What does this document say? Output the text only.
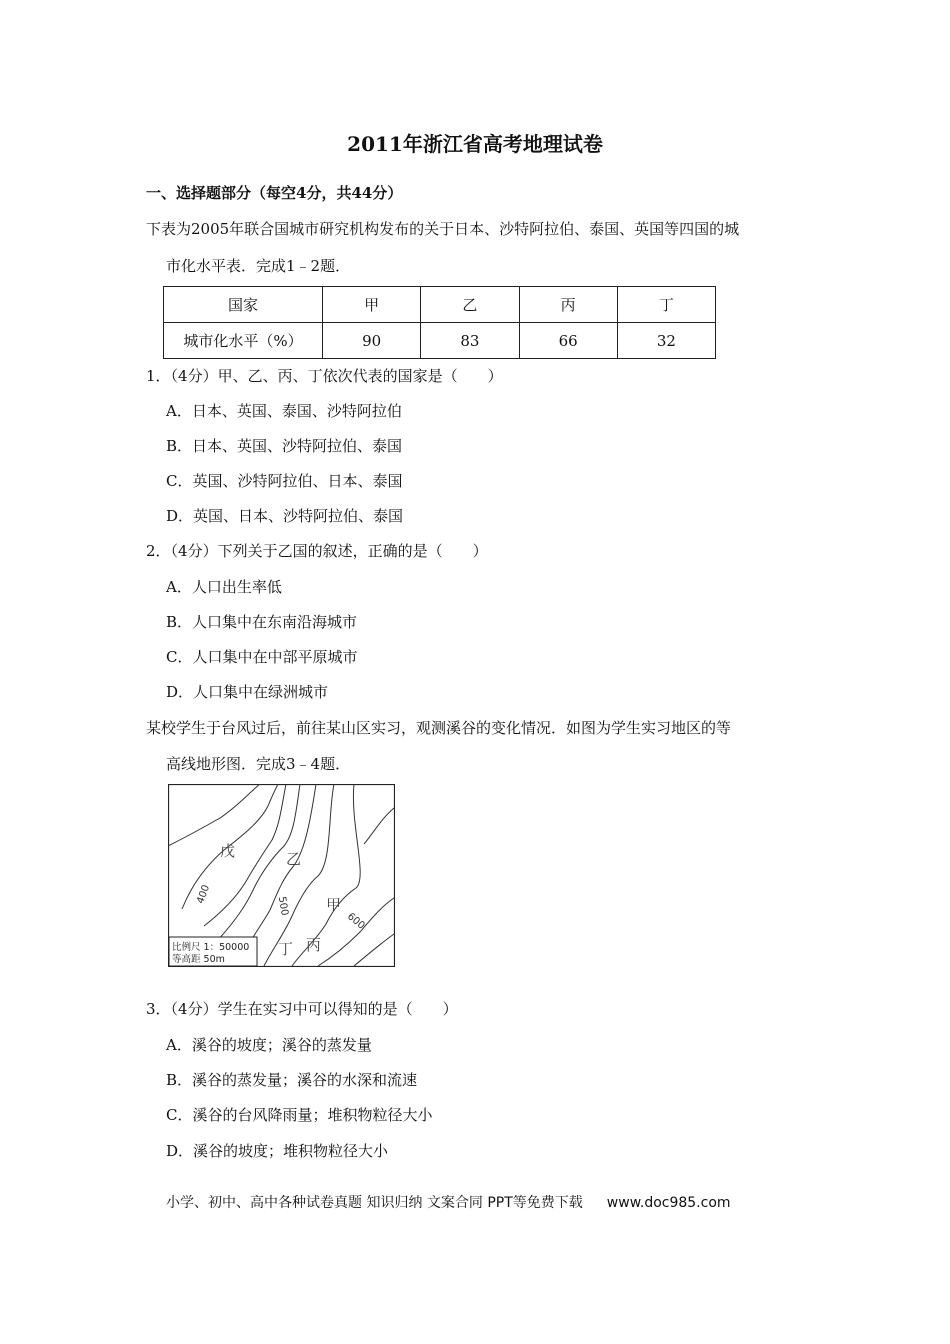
2011年浙江省高考地理试卷
一、选择题部分（每空4分，共44分）
下表为2005年联合国城市研究机构发布的关于日本、沙特阿拉伯、泰国、英国等四国的城
市化水平表．完成1﹣2题．
国家	甲	乙	丙	丁
城市化水平（%）	90	83	66	32
1．（4分）甲、乙、丙、丁依次代表的国家是（　　）
A．日本、英国、泰国、沙特阿拉伯
B．日本、英国、沙特阿拉伯、泰国
C．英国、沙特阿拉伯、日本、泰国
D．英国、日本、沙特阿拉伯、泰国
2．（4分）下列关于乙国的叙述，正确的是（　　）
A．人口出生率低
B．人口集中在东南沿海城市
C．人口集中在中部平原城市
D．人口集中在绿洲城市
某校学生于台风过后，前往某山区实习，观测溪谷的变化情况．如图为学生实习地区的等
高线地形图．完成3﹣4题．
戊	乙
甲
丙
丁
400
500
600
比例尺 1：50000
等高距 50m
3．（4分）学生在实习中可以得知的是（　　）
A．溪谷的坡度；溪谷的蒸发量
B．溪谷的蒸发量；溪谷的水深和流速
C．溪谷的台风降雨量；堆积物粒径大小
D．溪谷的坡度；堆积物粒径大小
小学、初中、高中各种试卷真题 知识归纳 文案合同 PPT等免费下载 www.doc985.com
